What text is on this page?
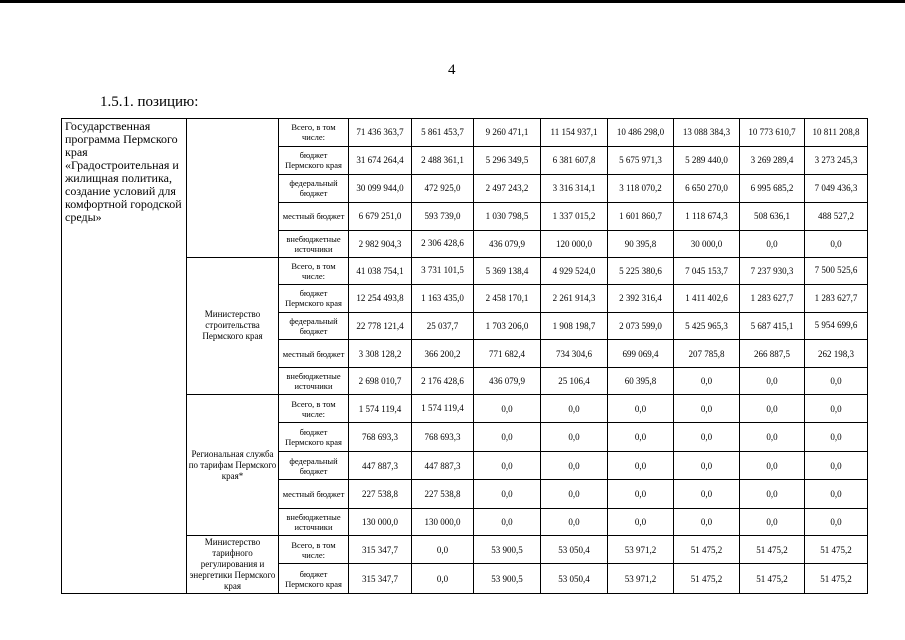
4
1.5.1. позицию:
Государственная программа Пермского края «Градостроительная и жилищная политика, создание условий для комфортной городской среды»		Всего, в том числе:	71 436 363,7	5 861 453,7	9 260 471,1	11 154 937,1	10 486 298,0	13 088 384,3	10 773 610,7	10 811 208,8
		бюджет Пермского края	31 674 264,4	2 488 361,1	5 296 349,5	6 381 607,8	5 675 971,3	5 289 440,0	3 269 289,4	3 273 245,3
		федеральный бюджет	30 099 944,0	472 925,0	2 497 243,2	3 316 314,1	3 118 070,2	6 650 270,0	6 995 685,2	7 049 436,3
		местный бюджет	6 679 251,0	593 739,0	1 030 798,5	1 337 015,2	1 601 860,7	1 118 674,3	508 636,1	488 527,2
		внебюджетные источники	2 982 904,3	2 306 428,6	436 079,9	120 000,0	90 395,8	30 000,0	0,0	0,0
	Министерство строительства Пермского края	Всего, в том числе:	41 038 754,1	3 731 101,5	5 369 138,4	4 929 524,0	5 225 380,6	7 045 153,7	7 237 930,3	7 500 525,6
		бюджет Пермского края	12 254 493,8	1 163 435,0	2 458 170,1	2 261 914,3	2 392 316,4	1 411 402,6	1 283 627,7	1 283 627,7
		федеральный бюджет	22 778 121,4	25 037,7	1 703 206,0	1 908 198,7	2 073 599,0	5 425 965,3	5 687 415,1	5 954 699,6
		местный бюджет	3 308 128,2	366 200,2	771 682,4	734 304,6	699 069,4	207 785,8	266 887,5	262 198,3
		внебюджетные источники	2 698 010,7	2 176 428,6	436 079,9	25 106,4	60 395,8	0,0	0,0	0,0
	Региональная служба по тарифам Пермского края*	Всего, в том числе:	1 574 119,4	1 574 119,4	0,0	0,0	0,0	0,0	0,0	0,0
		бюджет Пермского края	768 693,3	768 693,3	0,0	0,0	0,0	0,0	0,0	0,0
		федеральный бюджет	447 887,3	447 887,3	0,0	0,0	0,0	0,0	0,0	0,0
		местный бюджет	227 538,8	227 538,8	0,0	0,0	0,0	0,0	0,0	0,0
		внебюджетные источники	130 000,0	130 000,0	0,0	0,0	0,0	0,0	0,0	0,0
	Министерство тарифного регулирования и энергетики Пермского края	Всего, в том числе:	315 347,7	0,0	53 900,5	53 050,4	53 971,2	51 475,2	51 475,2	51 475,2
		бюджет Пермского края	315 347,7	0,0	53 900,5	53 050,4	53 971,2	51 475,2	51 475,2	51 475,2
